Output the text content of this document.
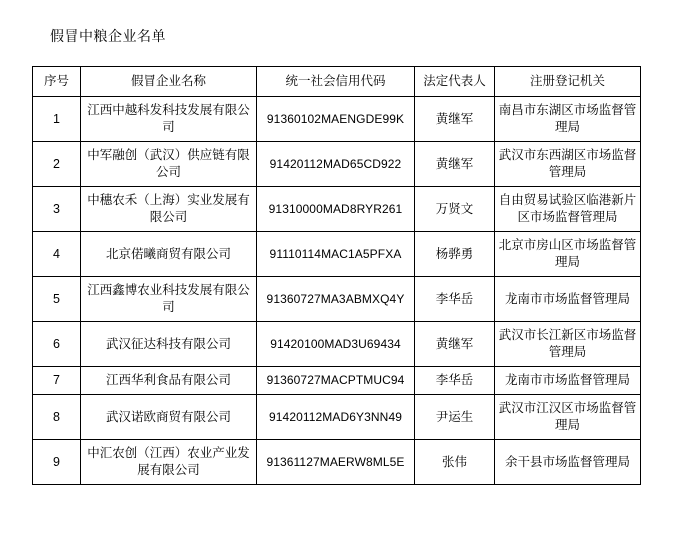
假冒中粮企业名单
序号	假冒企业名称	统一社会信用代码	法定代表人	注册登记机关
1	江西中越科发科技发展有限公司	91360102MAENGDE99K	黄继军	南昌市东湖区市场监督管理局
2	中军融创（武汉）供应链有限公司	91420112MAD65CD922	黄继军	武汉市东西湖区市场监督管理局
3	中穗农禾（上海）实业发展有限公司	91310000MAD8RYR261	万贤文	自由贸易试验区临港新片区市场监督管理局
4	北京偌曦商贸有限公司	91110114MAC1A5PFXA	杨骅勇	北京市房山区市场监督管理局
5	江西鑫博农业科技发展有限公司	91360727MA3ABMXQ4Y	李华岳	龙南市市场监督管理局
6	武汉征达科技有限公司	91420100MAD3U69434	黄继军	武汉市长江新区市场监督管理局
7	江西华利食品有限公司	91360727MACPTMUC94	李华岳	龙南市市场监督管理局
8	武汉诺欧商贸有限公司	91420112MAD6Y3NN49	尹运生	武汉市江汉区市场监督管理局
9	中汇农创（江西）农业产业发展有限公司	91361127MAERW8ML5E	张伟	余干县市场监督管理局
